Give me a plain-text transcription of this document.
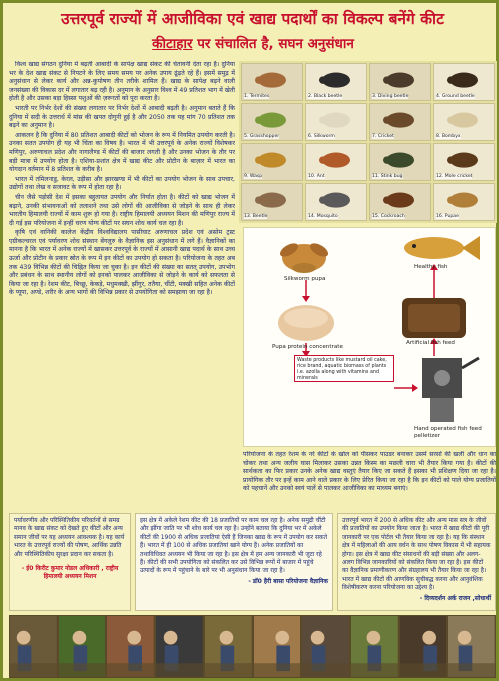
उत्तरपूर्व राज्यों में आजीविका एवं खाद्य पदार्थों का विकल्प बनेंगे कीट
कीटाहार पर संचालित है, सघन अनुसंधान

विश्व खाद्य संगठन दुनिया में बढ़ती आबादी के सापेक्ष खाद्य संकट की चेतावनी देता रहा है। दुनिया भर के देश खाद्य संकट से निपटने के लिए समय समय पर अनेक उपाय ढूंढ़ते रहे हैं। इसमें समुद्र में अनुसंधान से लेकर कार्य और अन्न-कुपोषण तीन तरीके शामिल हैं। खाद्य के सापेक्ष बढ़ने वाली जनसंख्या की विकास दर में लगातार बढ़ रही है। अनुमान के अनुसार विश्व में 49 प्रतिशत भाग में खेती होती है और उसका बड़ा हिस्सा पशुओं की ज़रूरतों को पूरा करता है।

भारती पर निर्भर देशों की संख्या लगातार पर निर्भर देशों में आबादी बढ़ती है। अनुमान बताते हैं कि दुनिया में सदी के उत्तरार्ध में मांस की खपत दोगुनी हुई है और 2050 तक यह मांग 70 प्रतिशत तक बढ़ने का अनुमान है।

आकलन है कि दुनिया में 80 प्रतिशत आबादी कीटों को भोजन के रूप में नियमित उपयोग करती है। उनका सतत उपयोग ही यह भी चिंता का विषय है। भारत में भी उत्तरपूर्व के अनेक राज्यों विशेषकर मणिपुर, अरुणाचल प्रदेश और नागालैण्ड में कीटों की बाजार लगती है और उनका भोजन के तौर पर बड़ी मात्रा में उपयोग होता है। एशिया-प्रशांत क्षेत्र में खाद्य कीट और प्रोटीन के बाज़ार में भारत का योगदान वर्तमान में 8 प्रतिशत के करीब है।

भारत में तमिलनाडु, केरल, उड़ीसा और झारखण्ड में भी कीटों का उपयोग भोजन के साथ उपचार, उद्योगों तथा लेख व सजावट के रूप में होता रहा है।

चीन जैसे पड़ोसी देश में इसका बहुतायत उपयोग और निर्यात होता है। कीटों को खाद्य भोजन में बढ़ाने, उनकी संभावनाओं को तलाशने तथा उसे लोगों की आजीविका से जोड़ने के साथ ही लेकर भारतीय हिमालयी राज्यों में काम शुरू हो गया है। राष्ट्रीय हिमालयी अध्ययन मिशन की मणिपुर राज्य में दी गई इस परियोजना में इन्हीं चरण योग्य कीटों पर सघन शोध कार्य चल रहा है।

कृषि एवं वानिकी कालेज केंद्रीय विश्वविद्यालय पासीघाट अरुणाचल प्रदेश एवं असोम ट्रस्ट एग्रीकल्चरल एवं पर्यावरण शोध संस्थान बेंगलुरु के वैज्ञानिक इस अनुसंधान में लगे हैं। वैज्ञानिकों का मानना है कि भारत में अनेक राज्यों में खासकर उत्तरपूर्व के राज्यों में आसानी खाद्य पदार्थ के साथ उच्च ऊर्जा और प्रोटीन के प्रकार स्रोत के रूप में इन कीटों का उपयोग हो सकता है। परियोजना के तहत अब तक 439 विभिन्न कीटों की चिह्नित किया जा चुका है। इन कीटों की संख्या का सतत् उपयोग, उपभोग और प्रबंधन के साथ स्थानीय लोगों को इनको पालकर आजीविका से जोड़ने के कार्य को सफलता से किया जा रहा है। रेशम कीट, बिच्छू, केकड़े, मधुमक्खी, झींगुर, ततैया, चींटी, मक्खी सहित अनेक कीटों के प्यूपा, अण्डे, शरीर के अन्य भागों की विभिन्न प्रकार से उपयोगिता को समझाया जा रहा है।

1. Termites	2. Black beetle	3. Diving beetle	4. Ground beetle
5. Grasshopper	6. Silkworm	7. Cricket	8. Bombyx
9. Wasp	10. Ant	11. Stink bug	12. Mole cricket
13. Beetle	14. Mosquito	15. Cockroach	16. Pupae
Silkworm pupa
Healthy fish
Pupa protein concentrate
Artificial fish feed
Hand operated fish feed pelletizer
Waste products like mustard oil cake, rice brand, aquatic biomass of plants i.e. azolla along with vitamins and minerals
परियोजना के तहत रेशम के नरे कीटों के खोल को पीसकर पाउडर बनाकर उसमें सरसों की खली और धान का चोकर तथा अन्य जलीय घास मिलाकर उसका उन्नत किस्म का मछली चारा भी तैयार किया गया है। कीटों की सार्थकता का फिर प्रकार उनके अनेक खाद्य वस्तुएं तैयार किए जा सकते हैं इसका भी प्रशिक्षण दिया जा रहा है। प्रायोगिक तौर पर इन्हें काम आने वाले प्रकार के लिए प्रेरित किया जा रहा है कि इन कीटों को पाले योग्य प्रजातियों को पहचानें और उनको स्वयं पालें से पालकर आजीविका का माध्यम बनाएं।
पर्यावरणीय और परिस्थितिकीय परिवर्तनों से समग्र मानव के खाद्य संकट को देखते हुए कीटों और अन्य समान जीवों पर यह अध्ययन आवश्यक है। यह कार्य भारत के उत्तरपूर्व राज्यों की पोषण, आर्थिक उन्नति और परिस्थितिकीय सुरक्षा प्रदान कर सकता है।
- ई0 किरीट कुमार नोडल अधिकारी , राष्ट्रीय हिमालयी अध्ययन मिशन
इस क्षेत्र में अकेले रेशम कीट की 18 प्रजातियों पर काम चल रहा है। अनेक समुद्री चींटी और झींगा जाति पर भी शोध कार्य चल रहा है। उन्होंने बताया कि दुनिया भर में अकेले कीटों की 1900 से अधिक प्रजातियां ऐसी हैं जिनका खाद्य के रूप में उपयोग कर सकते हैं। भारत में ही 100 से अधिक प्रजातियां खाने योग्य हैं। अनेक प्रजातियों का तथाविधिवत अध्ययन भी किया जा रहा है। इस क्षेत्र में हम अन्य जानकारी भी जुटा रहे हैं। कीटों की सभी उपयोगिता को संकलित कर उसे विभिन्न रूपों में बाजार में पहुंचे उत्पादों के रूप में पहुंचाने के बारे पर भी अनुसंधान किया जा रहा है।
- डॉ0 हैरी बासा परियोजना वैज्ञानिक
उत्तरपूर्व भारत में 200 से अधिक कीट और अन्य मास सत्र के जीवों की प्रजातियों का उपयोग किया जाता है। भारत में खाद्य कीटों की पूरी जानकारी पर एक पोर्टल भी तैयार किया जा रहा है। यह कि संस्थान क्षेत्र में महिलाओं की आय वर्धन के साथ पोषण विकास में भी सहायक होगा। इस क्षेत्र में खाद्य कीट संसाधनों की बड़ी संख्या और अलग-अलग विभिन्न जानकारियों को संकलित किया जा रहा है। इस कीटों का वैज्ञानिक प्रमाणीकरण और संग्रहालय भी तैयार किया जा रहा है। भारत में खाद्य कीटों की आणविक सुचीबद्ध करना और आनुवंशिक विशेषीकरण करना परियोजना का उद्देश्य है।
- दिव्यदर्शन अर्क राजन ,सोधार्थी
